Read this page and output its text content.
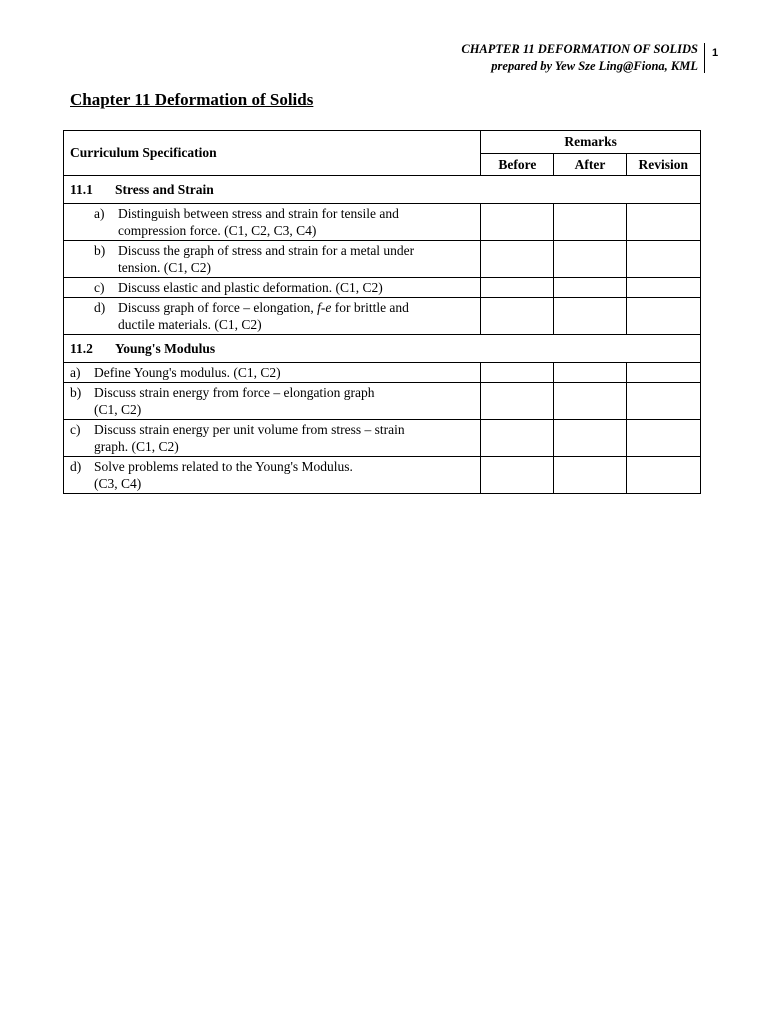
CHAPTER 11 DEFORMATION OF SOLIDS
prepared by Yew Sze Ling@Fiona, KML
1
Chapter 11 Deformation of Solids
Curriculum Specification	Remarks		
	Before	After	Revision
11.1 Stress and Strain			
a) Distinguish between stress and strain for tensile and
compression force. (C1, C2, C3, C4)			
b) Discuss the graph of stress and strain for a metal under
tension. (C1, C2)			
c) Discuss elastic and plastic deformation. (C1, C2)			
d) Discuss graph of force – elongation, f-e for brittle and
ductile materials. (C1, C2)			
11.2 Young's Modulus			
a) Define Young's modulus. (C1, C2)			
b) Discuss strain energy from force – elongation graph
(C1, C2)			
c) Discuss strain energy per unit volume from stress – strain
graph. (C1, C2)			
d) Solve problems related to the Young's Modulus.
(C3, C4)			
